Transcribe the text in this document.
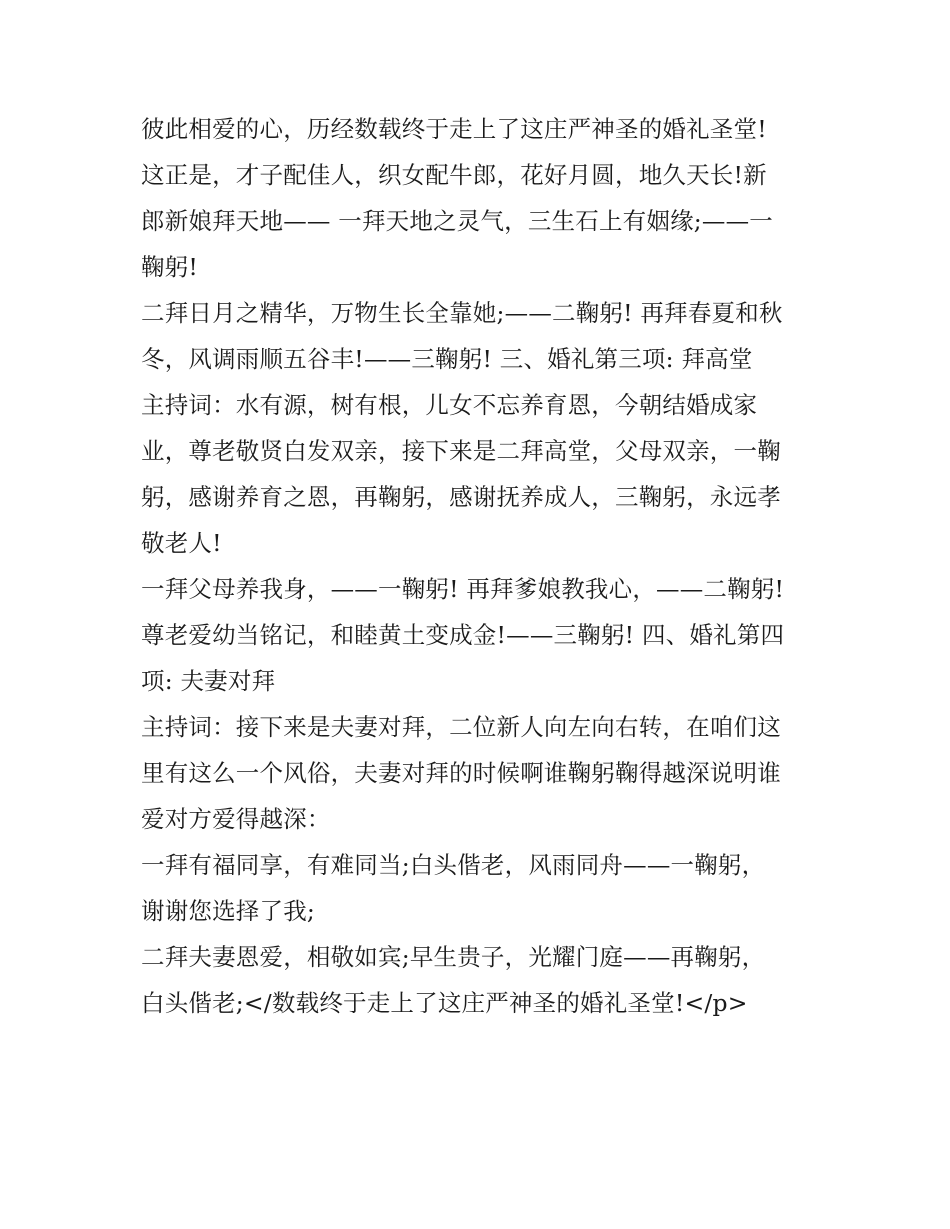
彼此相爱的心，历经数载终于走上了这庄严神圣的婚礼圣堂!
这正是，才子配佳人，织女配牛郎，花好月圆，地久天长!新
郎新娘拜天地—— 一拜天地之灵气，三生石上有姻缘;——一
鞠躬!
二拜日月之精华，万物生长全靠她;——二鞠躬! 再拜春夏和秋
冬，风调雨顺五谷丰!——三鞠躬! 三、婚礼第三项: 拜高堂
主持词：水有源，树有根，儿女不忘养育恩，今朝结婚成家
业，尊老敬贤白发双亲，接下来是二拜高堂，父母双亲，一鞠
躬，感谢养育之恩，再鞠躬，感谢抚养成人，三鞠躬，永远孝
敬老人!
一拜父母养我身，——一鞠躬! 再拜爹娘教我心，——二鞠躬!
尊老爱幼当铭记，和睦黄土变成金!——三鞠躬! 四、婚礼第四
项: 夫妻对拜
主持词：接下来是夫妻对拜，二位新人向左向右转，在咱们这
里有这么一个风俗，夫妻对拜的时候啊谁鞠躬鞠得越深说明谁
爱对方爱得越深：
一拜有福同享，有难同当;白头偕老，风雨同舟——一鞠躬，
谢谢您选择了我;
二拜夫妻恩爱，相敬如宾;早生贵子，光耀门庭——再鞠躬，
白头偕老;</数载终于走上了这庄严神圣的婚礼圣堂!</p>
